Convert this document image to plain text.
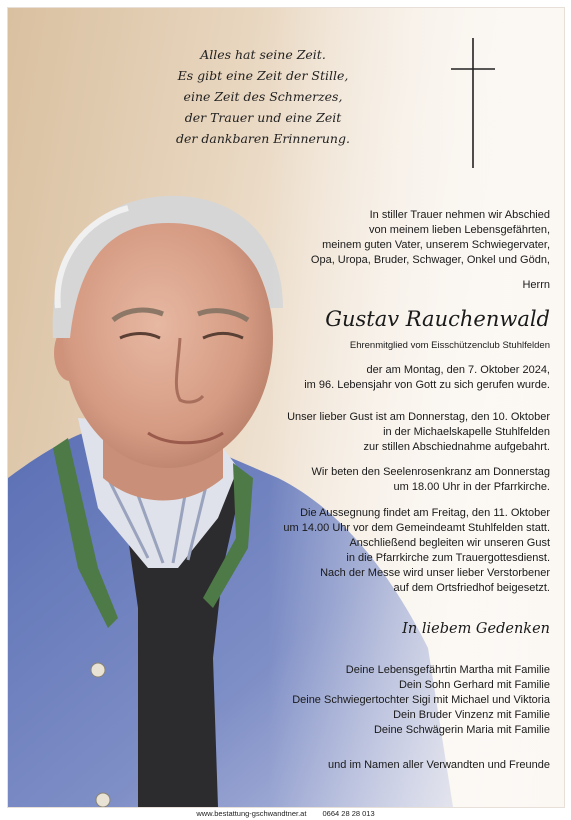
Alles hat seine Zeit.
Es gibt eine Zeit der Stille,
eine Zeit des Schmerzes,
der Trauer und eine Zeit
der dankbaren Erinnerung.
In stiller Trauer nehmen wir Abschied
von meinem lieben Lebensgefährten,
meinem guten Vater, unserem Schwiegervater,
Opa, Uropa, Bruder, Schwager, Onkel und Gödn,
Herrn
Gustav Rauchenwald
Ehrenmitglied vom Eisschützenclub Stuhlfelden
der am Montag, den 7. Oktober 2024,
im 96. Lebensjahr von Gott zu sich gerufen wurde.
Unser lieber Gust ist am Donnerstag, den 10. Oktober
in der Michaelskapelle Stuhlfelden
zur stillen Abschiednahme aufgebahrt.
Wir beten den Seelenrosenkranz am Donnerstag
um 18.00 Uhr in der Pfarrkirche.
Die Aussegnung findet am Freitag, den 11. Oktober
um 14.00 Uhr vor dem Gemeindeamt Stuhlfelden statt.
Anschließend begleiten wir unseren Gust
in die Pfarrkirche zum Trauergottesdienst.
Nach der Messe wird unser lieber Verstorbener
auf dem Ortsfriedhof beigesetzt.
In liebem Gedenken
Deine Lebensgefährtin Martha mit Familie
Dein Sohn Gerhard mit Familie
Deine Schwiegertochter Sigi mit Michael und Viktoria
Dein Bruder Vinzenz mit Familie
Deine Schwägerin Maria mit Familie
und im Namen aller Verwandten und Freunde
www.bestattung-gschwandtner.at 0664 28 28 013
